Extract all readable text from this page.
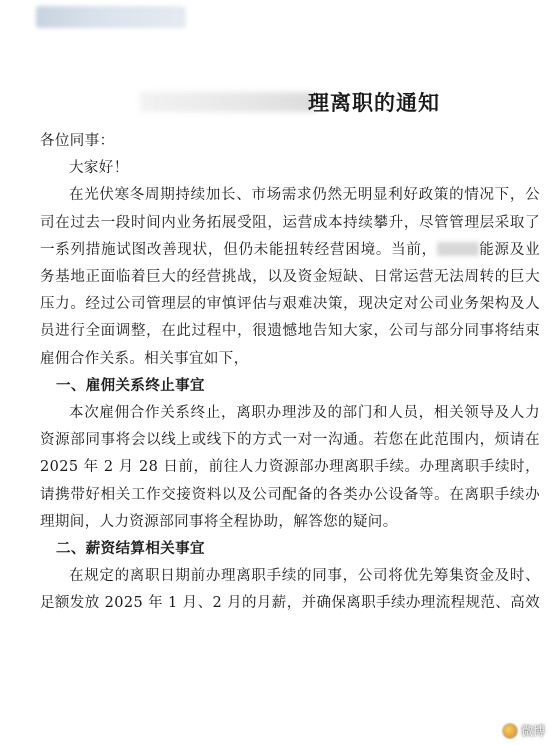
理离职的通知

各位同事：

大家好！

在光伏寒冬周期持续加长、市场需求仍然无明显利好政策的情况下，公司在过去一段时间内业务拓展受阻，运营成本持续攀升，尽管管理层采取了一系列措施试图改善现状，但仍未能扭转经营困境。当前，	能源及业务基地正面临着巨大的经营挑战，以及资金短缺、日常运营无法周转的巨大压力。经过公司管理层的审慎评估与艰难决策，现决定对公司业务架构及人员进行全面调整，在此过程中，很遗憾地告知大家，公司与部分同事将结束雇佣合作关系。相关事宜如下，

一、雇佣关系终止事宜

本次雇佣合作关系终止，离职办理涉及的部门和人员，相关领导及人力资源部同事将会以线上或线下的方式一对一沟通。若您在此范围内，烦请在 2025 年 2 月 28 日前，前往人力资源部办理离职手续。办理离职手续时，请携带好相关工作交接资料以及公司配备的各类办公设备等。在离职手续办理期间，人力资源部同事将全程协助，解答您的疑问。

二、薪资结算相关事宜

在规定的离职日期前办理离职手续的同事，公司将优先筹集资金及时、足额发放 2025 年 1 月、2 月的月薪，并确保离职手续办理流程规范、高效

微博
